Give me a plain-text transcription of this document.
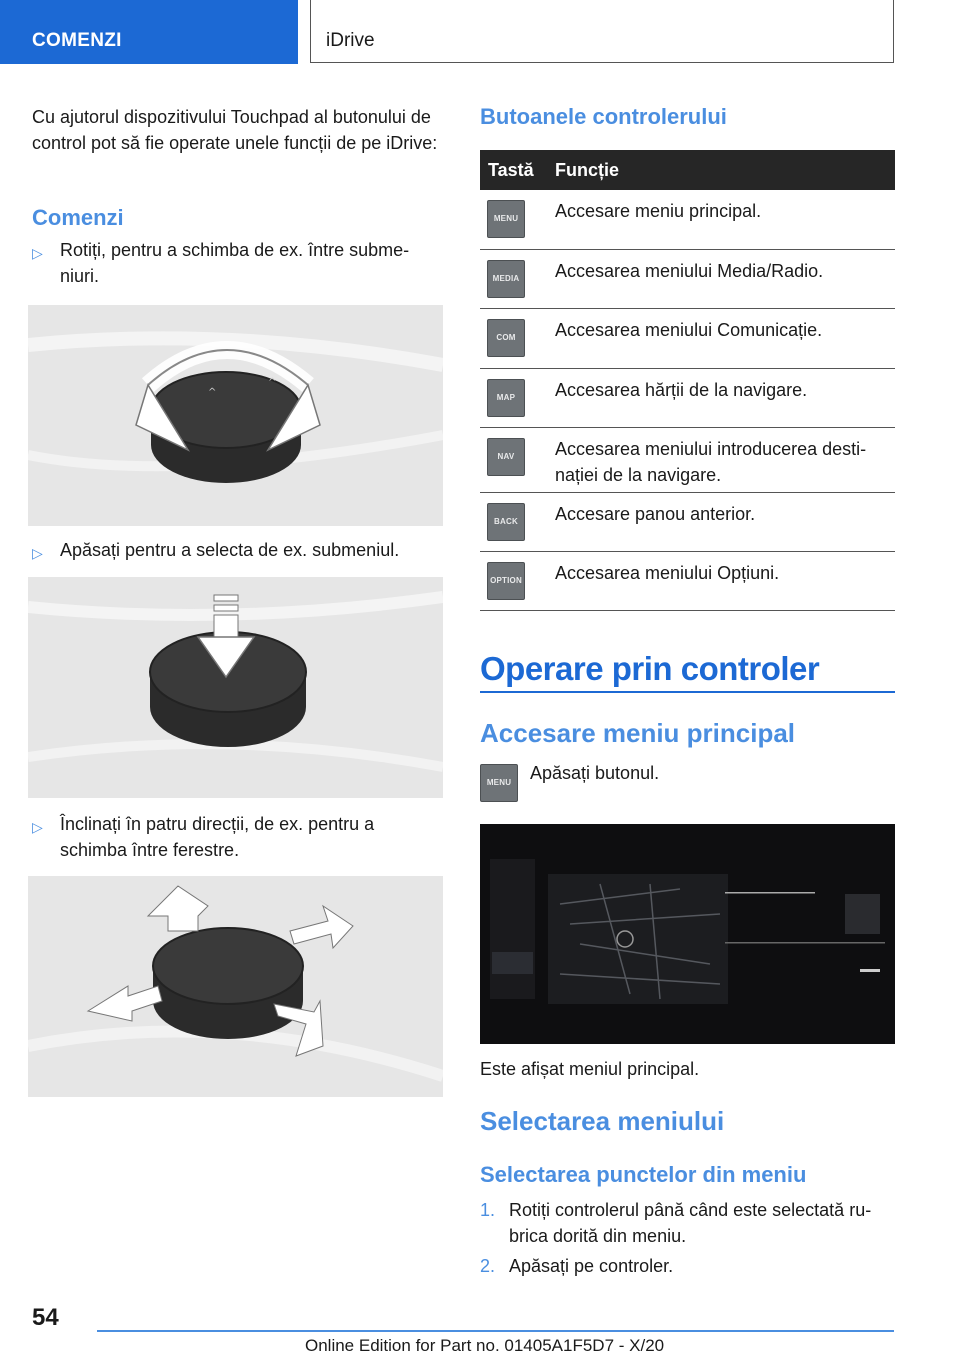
COMENZI	iDrive
Cu ajutorul dispozitivului Touchpad al butonului de control pot să fie operate unele funcții de pe iDrive:
Comenzi
▷ Rotiți, pentru a schimba de ex. între subme‐
niuri.
^
^
▷ Apăsați pentru a selecta de ex. submeniul.
▷ Înclinați în patru direcții, de ex. pentru a
schimba între ferestre.
Butoanele controlerului
Tastă Funcție
MENU	Accesare meniu principal.
MEDIA Accesarea meniului Media/Radio.
COM	Accesarea meniului Comunicație.
MAP	Accesarea hărții de la navigare.
NAV	Accesarea meniului introducerea desti‐
nației de la navigare.
BACK	Accesare panou anterior.
OPTION Accesarea meniului Opțiuni.
Operare prin controler
Accesare meniu principal
MENU	Apăsați butonul.
Este afișat meniul principal.
Selectarea meniului
Selectarea punctelor din meniu
1. Rotiți controlerul până când este selectată ru‐
brica dorită din meniu.
2. Apăsați pe controler.
54
Online Edition for Part no. 01405A1F5D7 - X/20
